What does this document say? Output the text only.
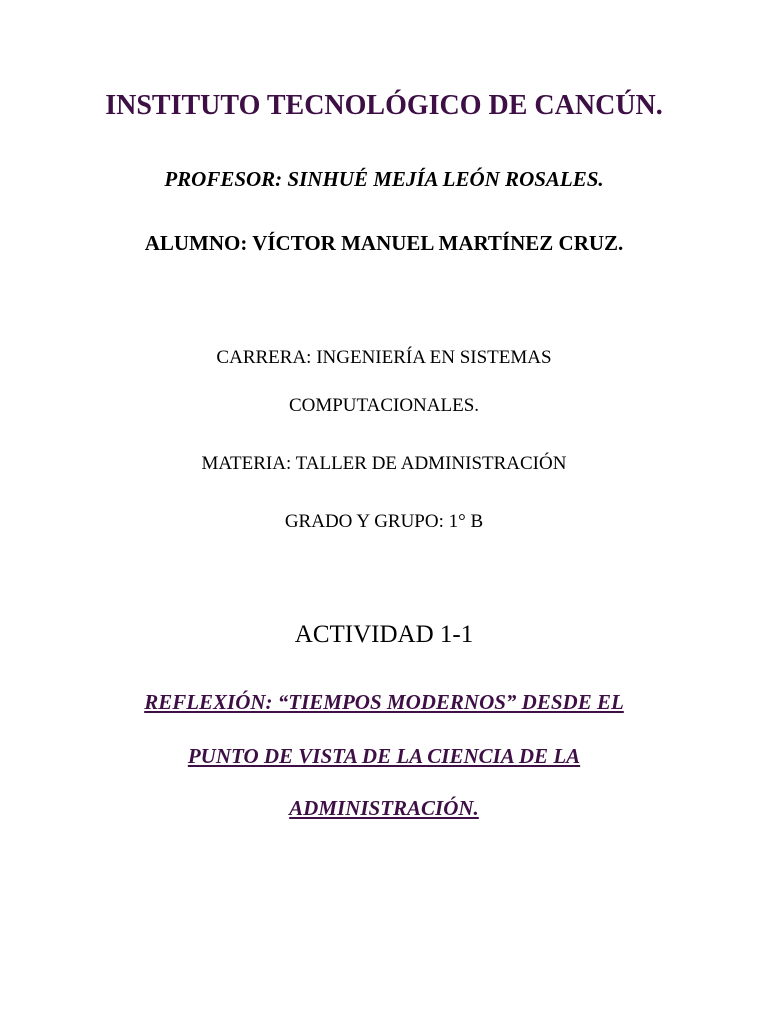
INSTITUTO TECNOLÓGICO DE CANCÚN.
PROFESOR: SINHUÉ MEJÍA LEÓN ROSALES.
ALUMNO: VÍCTOR MANUEL MARTÍNEZ CRUZ.
CARRERA: INGENIERÍA EN SISTEMAS
COMPUTACIONALES.
MATERIA: TALLER DE ADMINISTRACIÓN
GRADO Y GRUPO: 1° B
ACTIVIDAD 1-1
REFLEXIÓN: “TIEMPOS MODERNOS” DESDE EL
PUNTO DE VISTA DE LA CIENCIA DE LA
ADMINISTRACIÓN.
